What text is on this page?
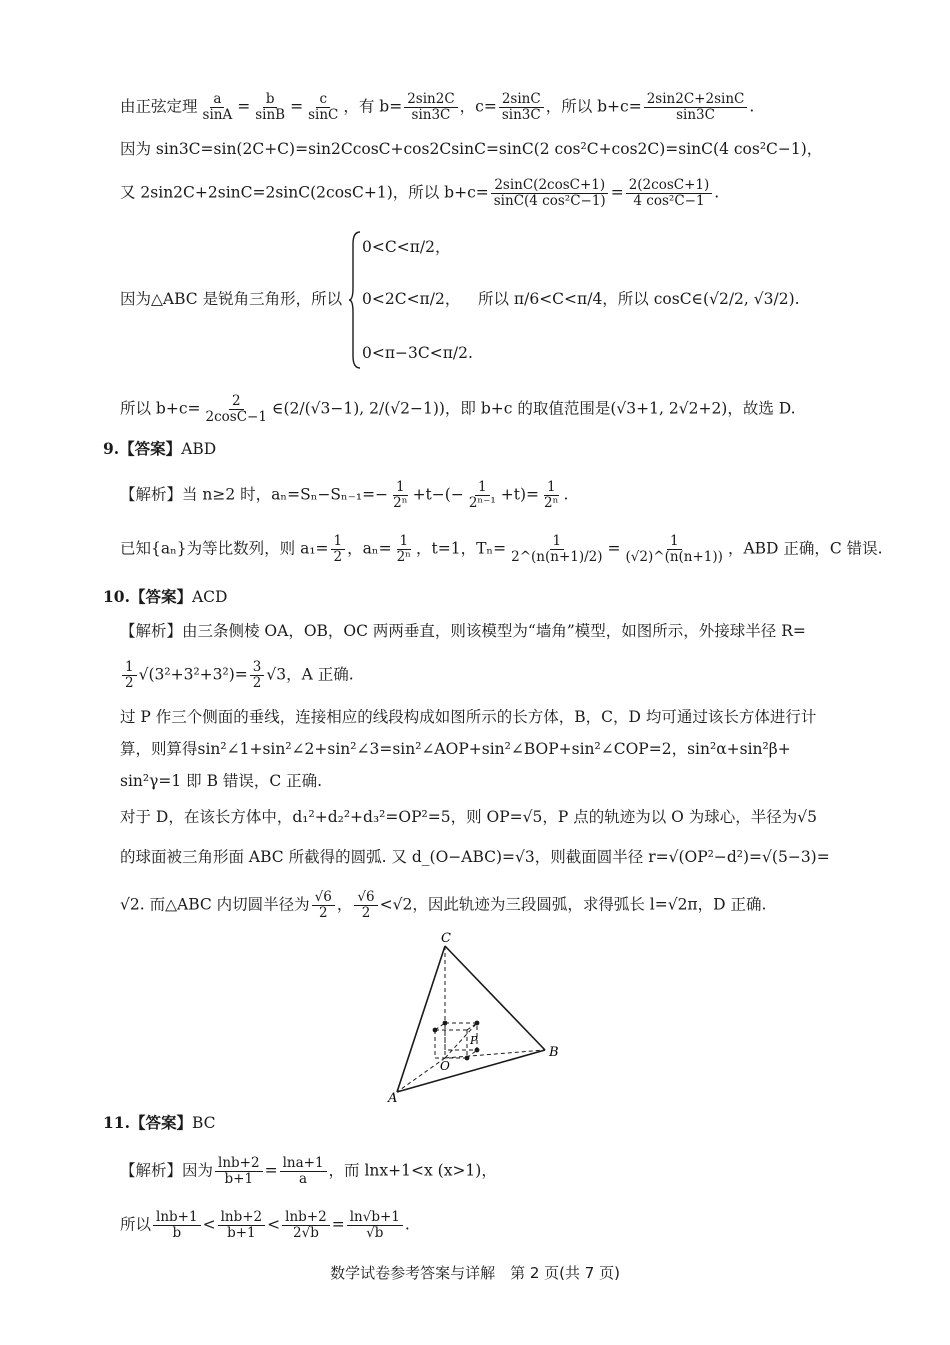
由正弦定理 $\frac{a}{\sin A} = \frac{b}{\sin B} = \frac{c}{\sin C}$ ，有 $b= \frac{2\sin 2C}{\sin 3C}$ ，$c= \frac{2\sin C}{\sin 3C}$ ，所以 $b+c= \frac{2\sin 2C+2\sin C}{\sin 3C}$ .
因为 sin3C=sin(2C+C)=sin2CcosC+cos2CsinC=sinC(2 cos²C+cos2C)=sinC(4 cos²C−1)，
又 2sin2C+2sinC=2sinC(2cosC+1)，所以 $b+c= \frac{2\sin C(2\cos C+1)}{\text{sinC(4 cos²C−1)}} = \frac{2(2\cos C+1)}{\text{4 cos²C−1}}$ .
因为△ABC 是锐角三角形，所以
0<C<π/2，
0<2C<π/2，
0<π−3C<π/2.
所以 π/6<C<π/4，所以 cosC∈(√2/2, √3/2).
所以 $b+c= \frac{2}{2\cos C-1}$ ∈(2/(√3−1), 2/(√2−1))，即 b+c 的取值范围是(√3+1, 2√2+2)，故选 D.
9.【答案】ABD
【解析】当 n≥2 时，$a_n=S_n-S_{n-1}=- \frac{1}{\text{2ⁿ}} +t-(- \frac{1}{\text{2ⁿ⁻¹}} +t)= \frac{1}{\text{2ⁿ}}$ .
已知{aₙ}为等比数列，则 $a_1= \frac{1}{2}$ ，$a_n= \frac{1}{\text{2ⁿ}}$ ，t=1，$T_n= \frac{1}{2\^{}(n(n+1)/2)} = \frac{1}{(√2)\^{}(n(n+1))}$ ，ABD 正确，C 错误.
10.【答案】ACD
【解析】由三条侧棱 OA，OB，OC 两两垂直，则该模型为“墙角”模型，如图所示，外接球半径 R=
$\frac{1}{2} √(3^2+3^2+3^2)= \frac{3}{2} √3$，A 正确.
过 P 作三个侧面的垂线，连接相应的线段构成如图所示的长方体，B，C，D 均可通过该长方体进行计
算，则算得sin²∠1+sin²∠2+sin²∠3=sin²∠AOP+sin²∠BOP+sin²∠COP=2，sin²α+sin²β+
sin²γ=1 即 B 错误，C 正确.
对于 D，在该长方体中，d₁²+d₂²+d₃²=OP²=5，则 OP=√5，P 点的轨迹为以 O 为球心，半径为√5
的球面被三角形面 ABC 所截得的圆弧. 又 d_(O−ABC)=√3，则截面圆半径 r=√(OP²−d²)=√(5−3)=
√2. 而△ABC 内切圆半径为 $\frac{√6}{2}$ ， $\frac{√6}{2} <√2$，因此轨迹为三段圆弧，求得弧长 l=√2π，D 正确.
C
B
A
O
P
11.【答案】BC
【解析】因为 $\frac{\ln b+2}{b+1} = \frac{\ln a+1}{a}$ ，而 lnx+1<x (x>1)，
所以 $\frac{\ln b+1}{b} < \frac{\ln b+2}{b+1} < \frac{\ln b+2}{2√b} = \frac{\ln√b+1}{√b}$ .
数学试卷参考答案与详解　第 2 页(共 7 页)
